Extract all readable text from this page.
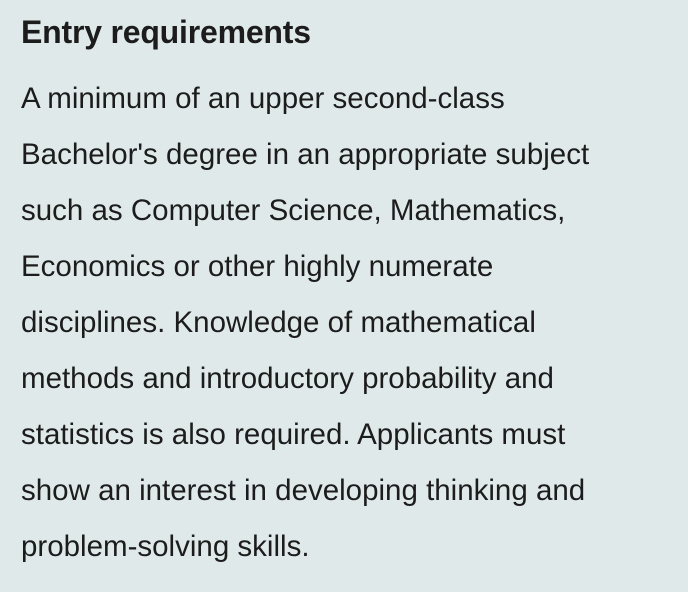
Entry requirements

A minimum of an upper second-class
Bachelor's degree in an appropriate subject
such as Computer Science, Mathematics,
Economics or other highly numerate
disciplines. Knowledge of mathematical
methods and introductory probability and
statistics is also required. Applicants must
show an interest in developing thinking and
problem-solving skills.
